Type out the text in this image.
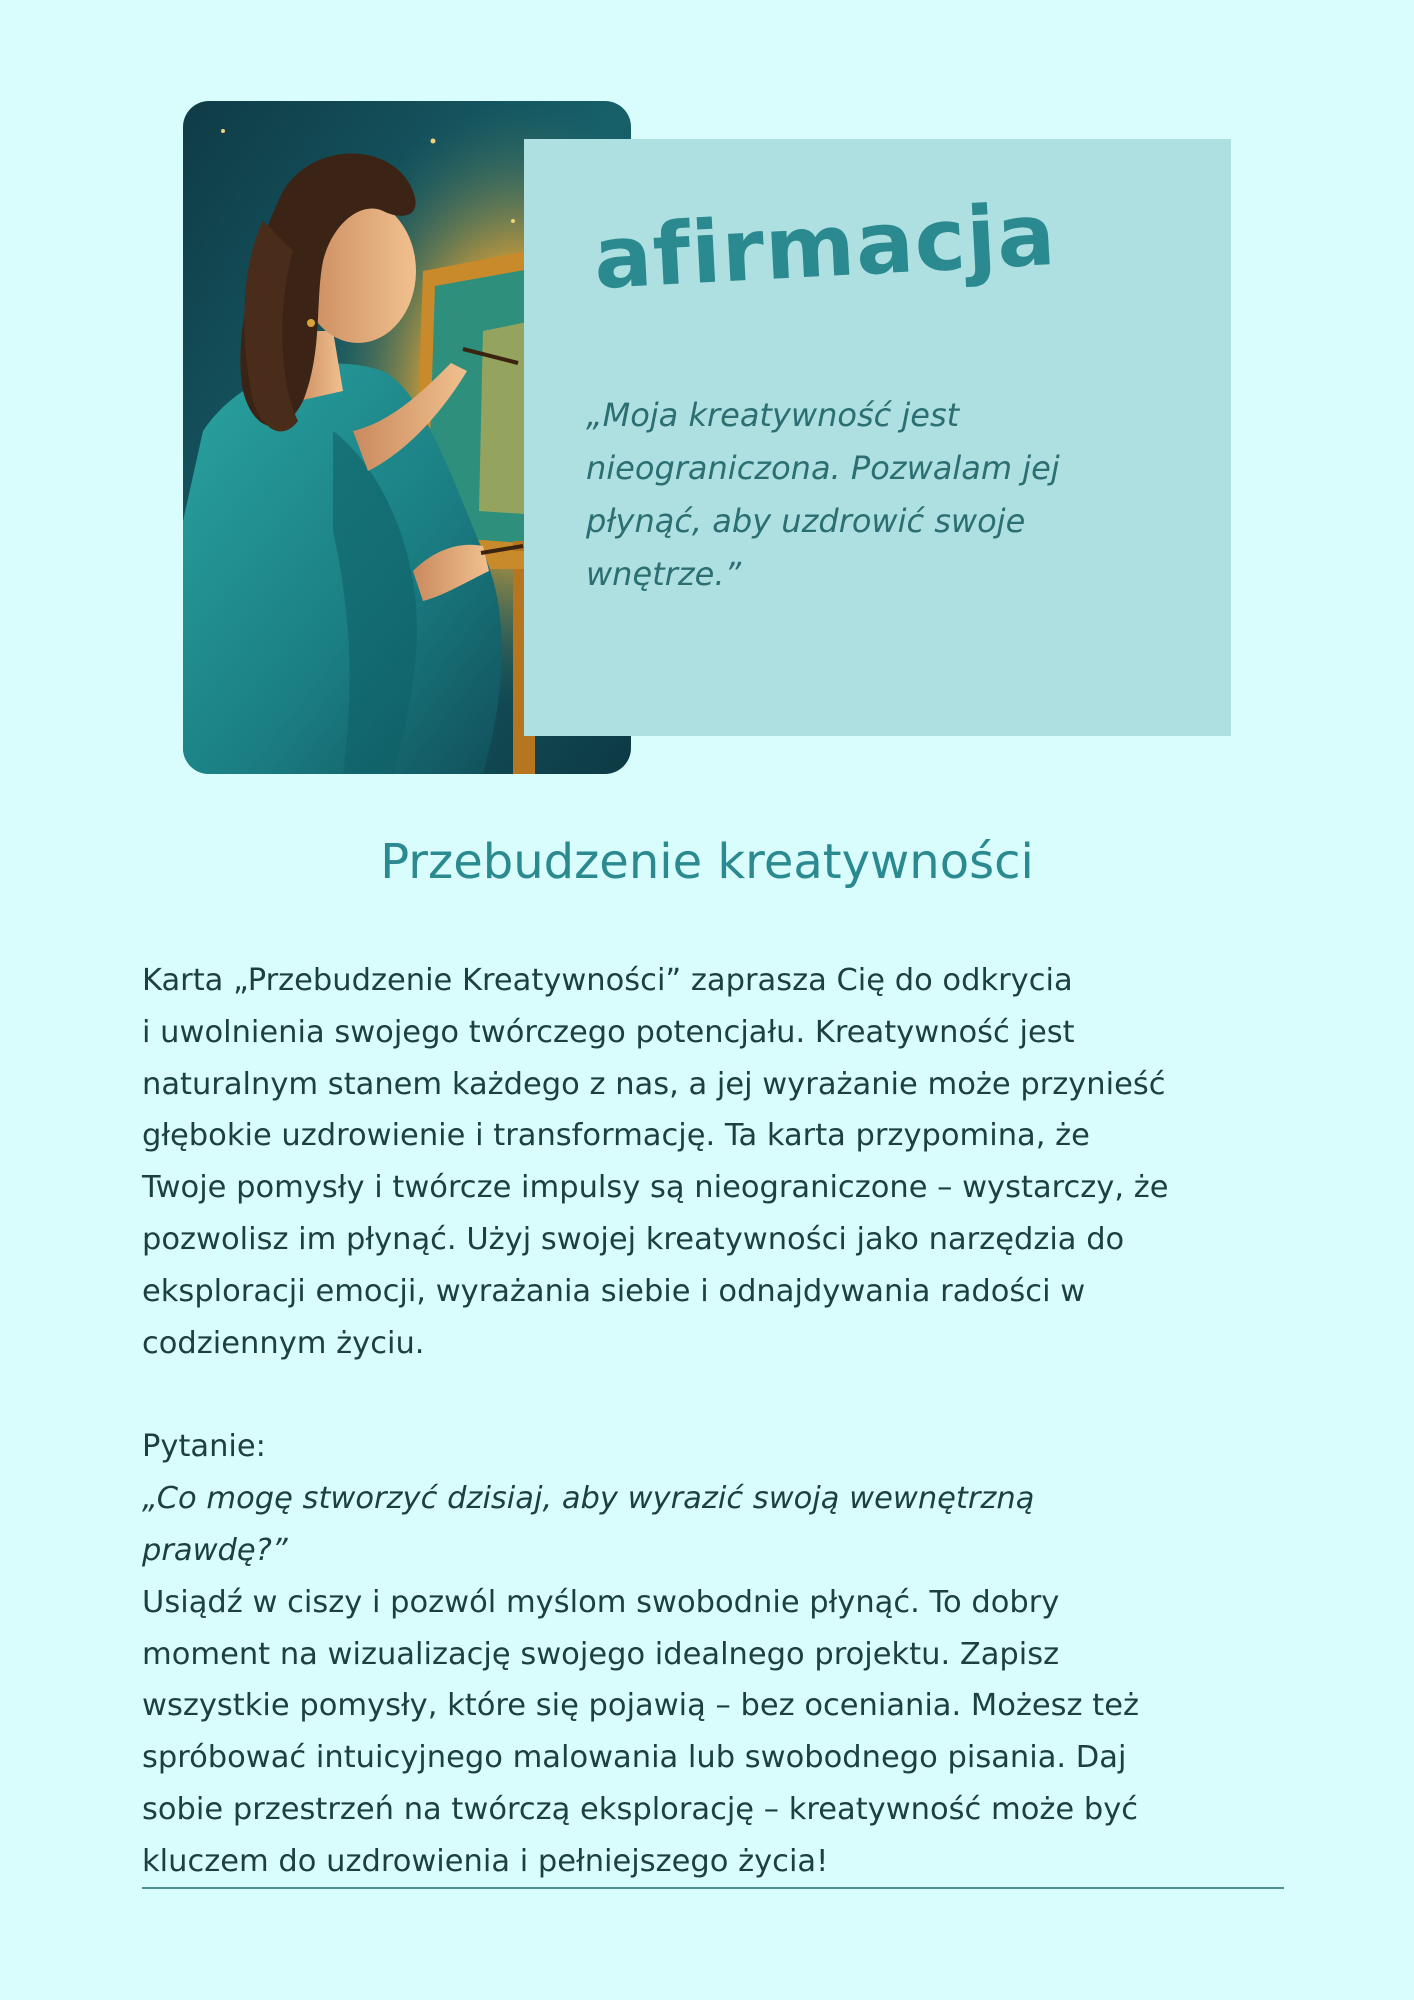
afirmacja
„Moja kreatywność jest
nieograniczona. Pozwalam jej
płynąć, aby uzdrowić swoje
wnętrze.”
Przebudzenie kreatywności
Karta „Przebudzenie Kreatywności” zaprasza Cię do odkrycia
i uwolnienia swojego twórczego potencjału. Kreatywność jest
naturalnym stanem każdego z nas, a jej wyrażanie może przynieść
głębokie uzdrowienie i transformację. Ta karta przypomina, że
Twoje pomysły i twórcze impulsy są nieograniczone – wystarczy, że
pozwolisz im płynąć. Użyj swojej kreatywności jako narzędzia do
eksploracji emocji, wyrażania siebie i odnajdywania radości w
codziennym życiu.
Pytanie:
„Co mogę stworzyć dzisiaj, aby wyrazić swoją wewnętrzną
prawdę?”
Usiądź w ciszy i pozwól myślom swobodnie płynąć. To dobry
moment na wizualizację swojego idealnego projektu. Zapisz
wszystkie pomysły, które się pojawią – bez oceniania. Możesz też
spróbować intuicyjnego malowania lub swobodnego pisania. Daj
sobie przestrzeń na twórczą eksplorację – kreatywność może być
kluczem do uzdrowienia i pełniejszego życia!
